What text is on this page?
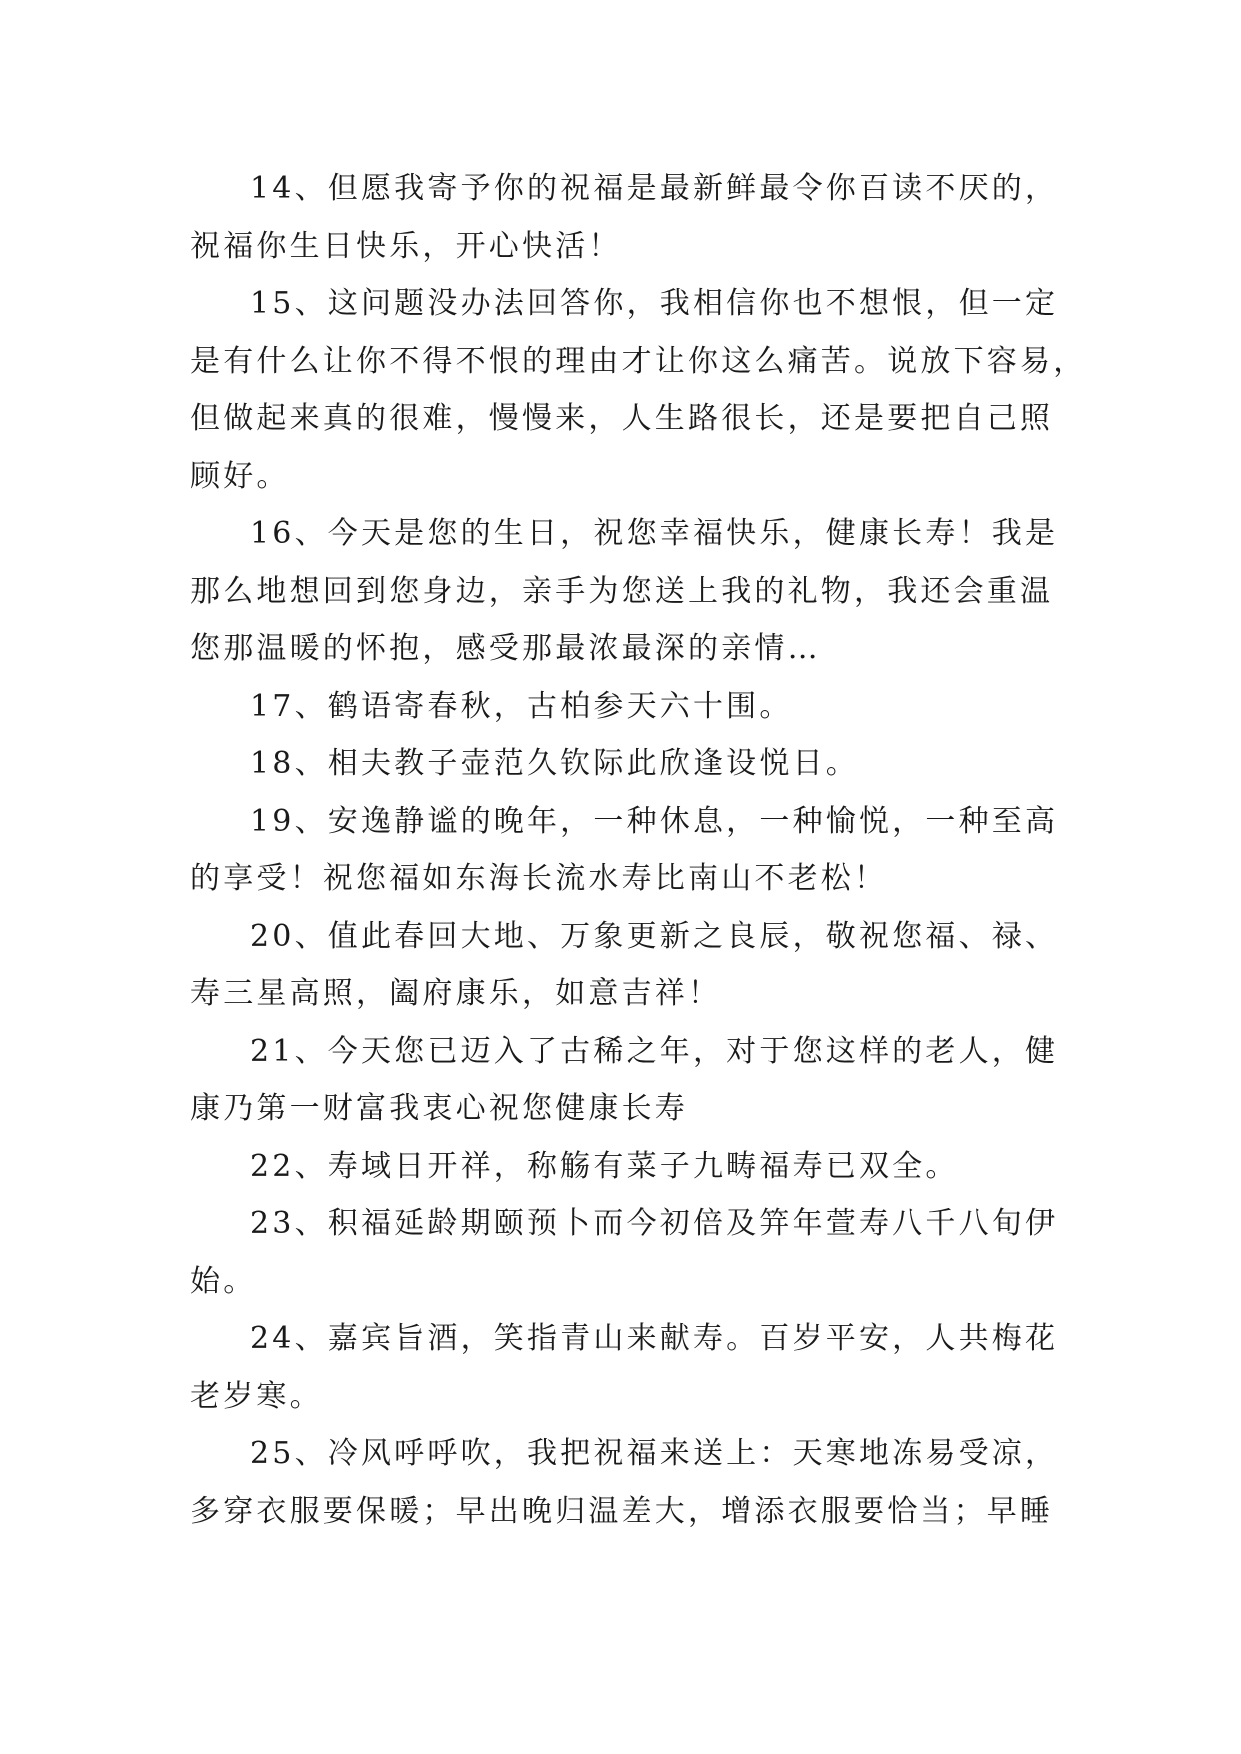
14、但愿我寄予你的祝福是最新鲜最令你百读不厌的，
祝福你生日快乐，开心快活！

15、这问题没办法回答你，我相信你也不想恨，但一定
是有什么让你不得不恨的理由才让你这么痛苦。说放下容易，
但做起来真的很难，慢慢来，人生路很长，还是要把自己照
顾好。

16、今天是您的生日，祝您幸福快乐，健康长寿！我是
那么地想回到您身边，亲手为您送上我的礼物，我还会重温
您那温暖的怀抱，感受那最浓最深的亲情…

17、鹤语寄春秋，古柏参天六十围。

18、相夫教子壶范久钦际此欣逢设悦日。

19、安逸静谧的晚年，一种休息，一种愉悦，一种至高
的享受！祝您福如东海长流水寿比南山不老松！

20、值此春回大地、万象更新之良辰，敬祝您福、禄、
寿三星高照，阖府康乐，如意吉祥！

21、今天您已迈入了古稀之年，对于您这样的老人，健
康乃第一财富我衷心祝您健康长寿

22、寿域日开祥，称觞有菜子九畴福寿已双全。

23、积福延龄期颐预卜而今初倍及笄年萱寿八千八旬伊
始。

24、嘉宾旨酒，笑指青山来献寿。百岁平安，人共梅花
老岁寒。

25、冷风呼呼吹，我把祝福来送上：天寒地冻易受凉，
多穿衣服要保暖；早出晚归温差大，增添衣服要恰当；早睡
